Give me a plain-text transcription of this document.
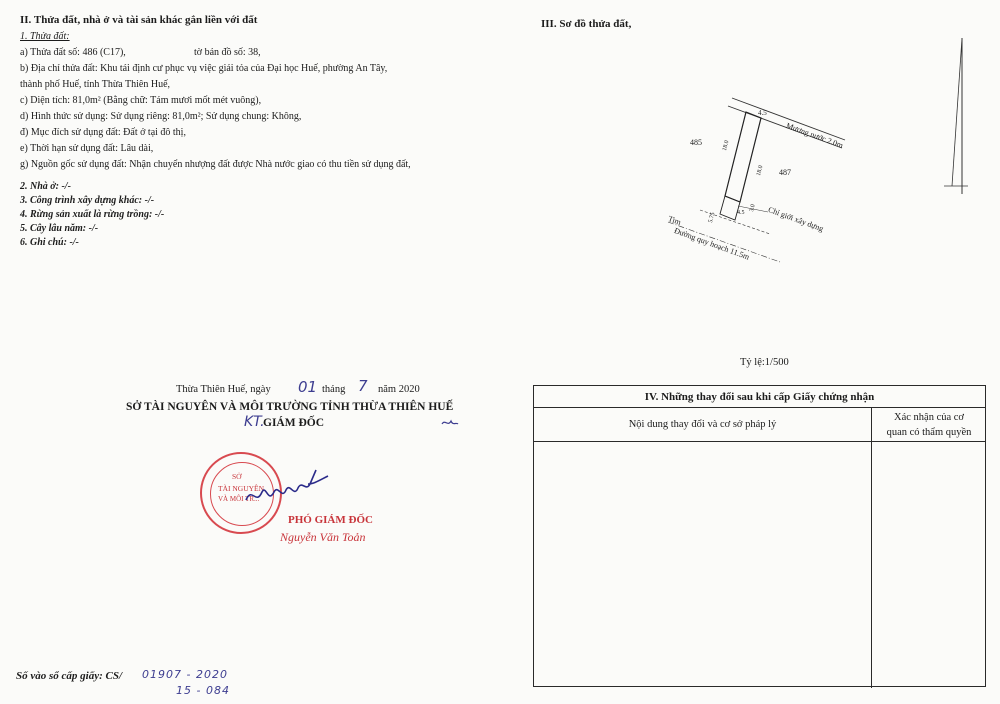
II. Thửa đất, nhà ở và tài sản khác gắn liền với đất
1. Thửa đất:
a) Thửa đất số: 486 (C17),	tờ bản đồ số: 38,
b) Địa chỉ thửa đất: Khu tái định cư phục vụ việc giải tỏa của Đại học Huế, phường An Tây,
thành phố Huế, tỉnh Thừa Thiên Huế,
c) Diện tích: 81,0m² (Bằng chữ: Tám mươi mốt mét vuông),
d) Hình thức sử dụng: Sử dụng riêng: 81,0m²; Sử dụng chung: Không,
đ) Mục đích sử dụng đất: Đất ở tại đô thị,
e) Thời hạn sử dụng đất: Lâu dài,
g) Nguồn gốc sử dụng đất: Nhận chuyển nhượng đất được Nhà nước giao có thu tiền sử dụng đất,
2. Nhà ở: -/-
3. Công trình xây dựng khác: -/-
4. Rừng sản xuất là rừng trồng: -/-
5. Cây lâu năm: -/-
6. Ghi chú: -/-
III. Sơ đồ thửa đất,
4.5
Mương nước 2.0m
485
487
18.0
18.0
4.5
3.0
5.75	Chỉ giới xây dựng
Tim
Đường quy hoạch 11.5m
Tỷ lệ:1/500
Thừa Thiên Huế, ngày 01 tháng 7 năm 2020
SỞ TÀI NGUYÊN VÀ MÔI TRƯỜNG TỈNH THỪA THIÊN HUẾ
KT.
GIÁM ĐỐC
SỞ
TÀI NGUYÊN
VÀ MÔI TR...
PHÓ GIÁM ĐỐC
Nguyễn Văn Toản
Số vào sổ cấp giấy: CS/ 01907 - 2020
15 - 084
IV. Những thay đổi sau khi cấp Giấy chứng nhận
Nội dung thay đổi và cơ sở pháp lý
Xác nhận của cơ
quan có thẩm quyền
